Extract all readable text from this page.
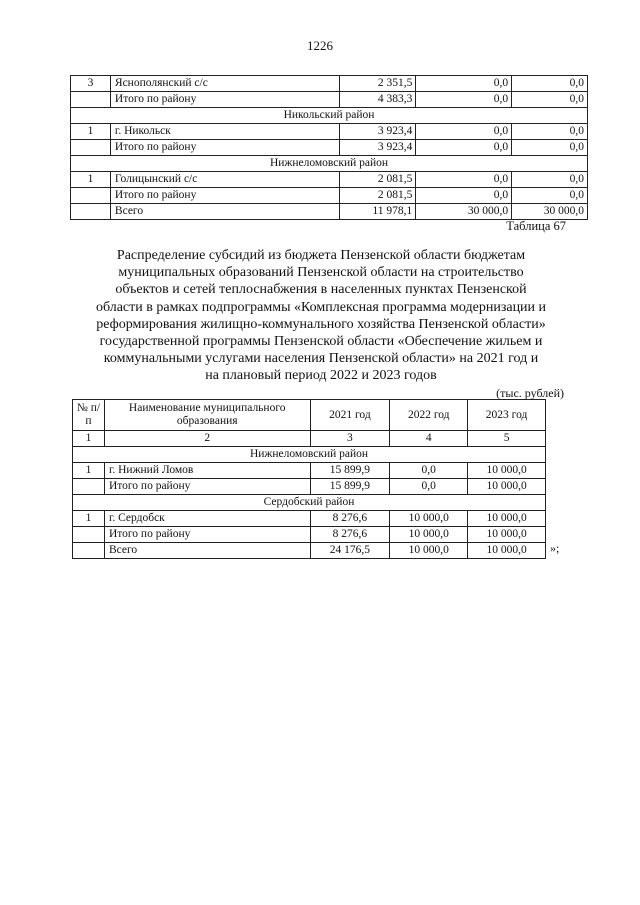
1226
3	Яснополянский с/с	2 351,5	0,0	0,0
	Итого по району	4 383,3	0,0	0,0
Никольский район				
1	г. Никольск	3 923,4	0,0	0,0
	Итого по району	3 923,4	0,0	0,0
Нижнеломовский район				
1	Голицынский с/с	2 081,5	0,0	0,0
	Итого по району	2 081,5	0,0	0,0
	Всего	11 978,1	30 000,0	30 000,0
Таблица 67
Распределение субсидий из бюджета Пензенской области бюджетам
муниципальных образований Пензенской области на строительство
объектов и сетей теплоснабжения в населенных пунктах Пензенской
области в рамках подпрограммы «Комплексная программа модернизации и
реформирования жилищно-коммунального хозяйства Пензенской области»
государственной программы Пензенской области «Обеспечение жильем и
коммунальными услугами населения Пензенской области» на 2021 год и
на плановый период 2022 и 2023 годов
(тыс. рублей)
№ п/п	Наименование муниципального образования	2021 год	2022 год	2023 год
1	2	3	4	5
Нижнеломовский район				
1	г. Нижний Ломов	15 899,9	0,0	10 000,0
	Итого по району	15 899,9	0,0	10 000,0
Сердобский район				
1	г. Сердобск	8 276,6	10 000,0	10 000,0
	Итого по району	8 276,6	10 000,0	10 000,0
	Всего	24 176,5	10 000,0	10 000,0 »;
